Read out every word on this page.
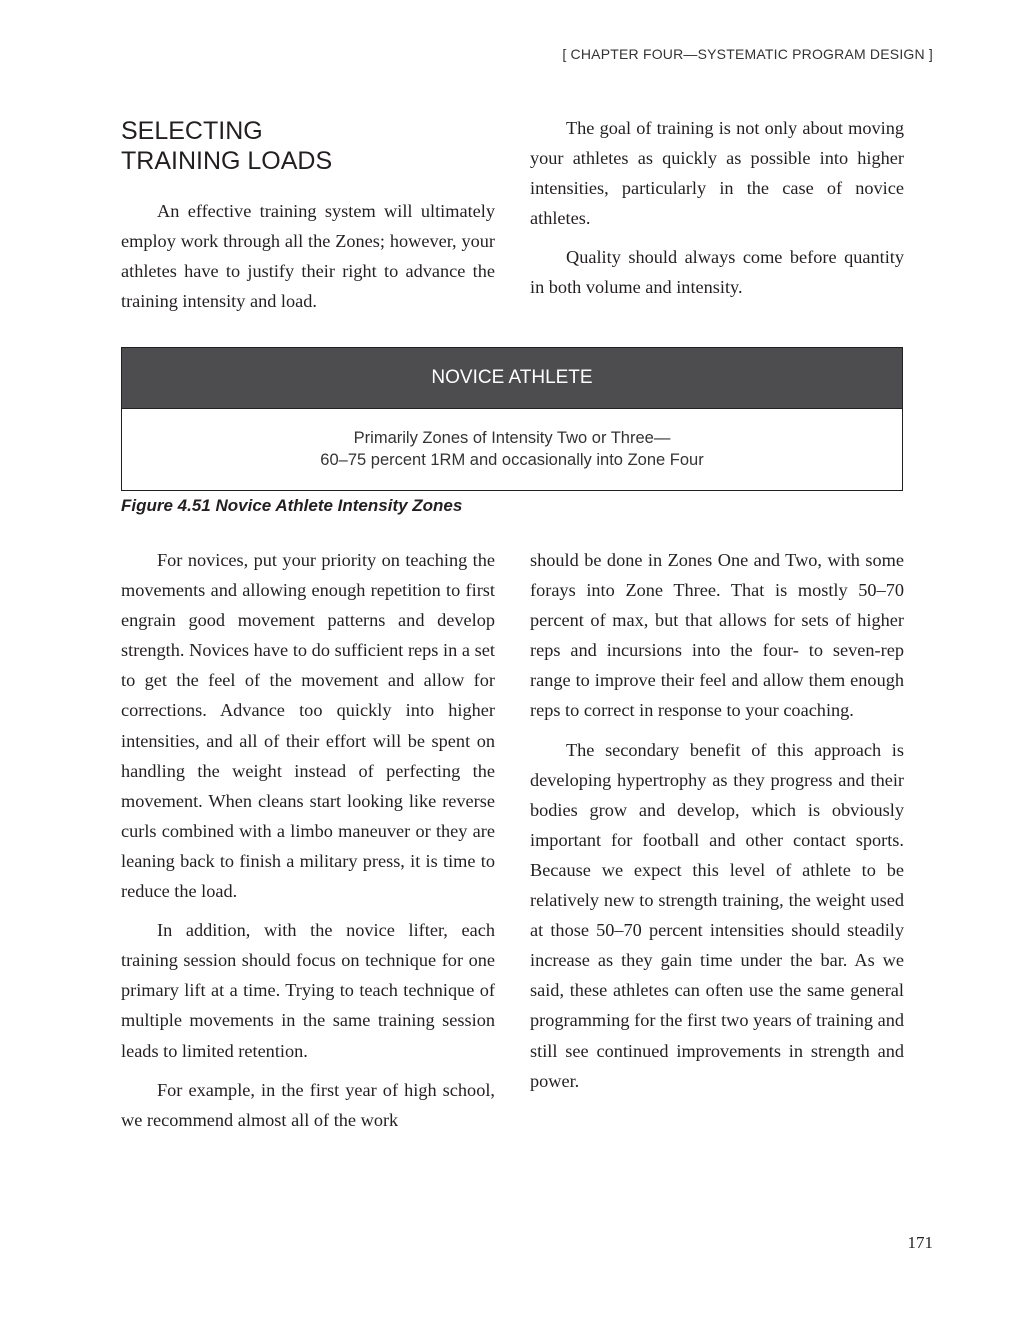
[ CHAPTER FOUR—SYSTEMATIC PROGRAM DESIGN ]
SELECTING
TRAINING LOADS

An effective training system will ultimately employ work through all the Zones; however, your athletes have to justify their right to advance the training intensity and load.

The goal of training is not only about moving your athletes as quickly as possible into higher intensities, particularly in the case of novice athletes.

Quality should always come before quantity in both volume and intensity.

NOVICE ATHLETE
Primarily Zones of Intensity Two or Three—
60–75 percent 1RM and occasionally into Zone Four
Figure 4.51 Novice Athlete Intensity Zones

For novices, put your priority on teaching the movements and allowing enough repetition to first engrain good movement patterns and develop strength. Novices have to do sufficient reps in a set to get the feel of the movement and allow for corrections. Advance too quickly into higher intensities, and all of their effort will be spent on handling the weight instead of perfecting the movement. When cleans start looking like reverse curls combined with a limbo maneuver or they are leaning back to finish a military press, it is time to reduce the load.

In addition, with the novice lifter, each training session should focus on technique for one primary lift at a time. Trying to teach technique of multiple movements in the same training session leads to limited retention.

For example, in the first year of high school, we recommend almost all of the work

should be done in Zones One and Two, with some forays into Zone Three. That is mostly 50–70 percent of max, but that allows for sets of higher reps and incursions into the four- to seven-rep range to improve their feel and allow them enough reps to correct in response to your coaching.

The secondary benefit of this approach is developing hypertrophy as they progress and their bodies grow and develop, which is obviously important for football and other contact sports. Because we expect this level of athlete to be relatively new to strength training, the weight used at those 50–70 percent intensities should steadily increase as they gain time under the bar. As we said, these athletes can often use the same general programming for the first two years of training and still see continued improvements in strength and power.

171
